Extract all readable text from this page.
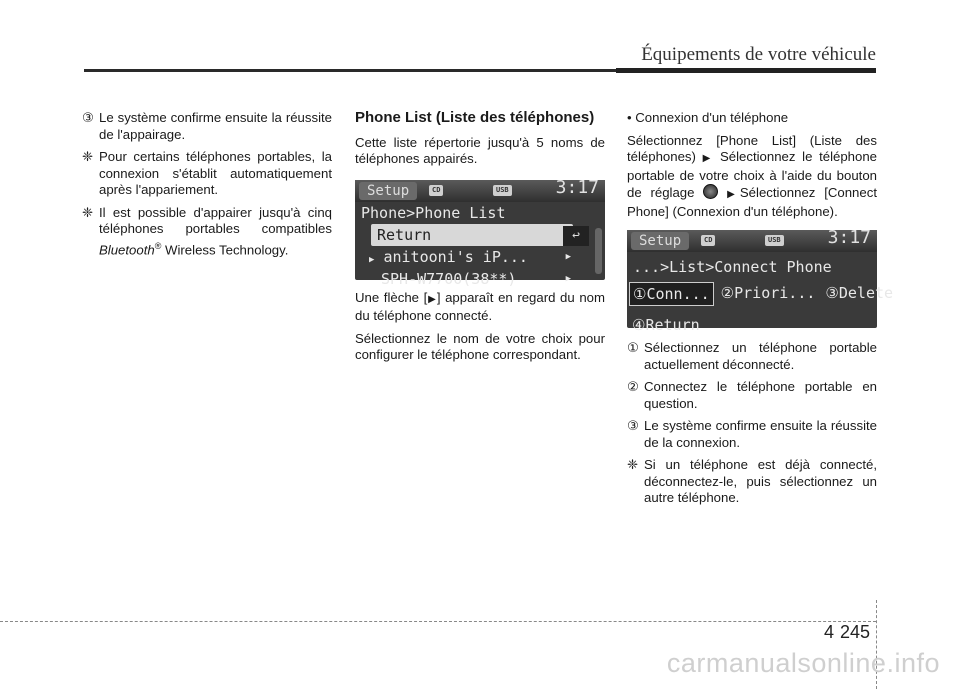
Équipements de votre véhicule
③ Le système confirme ensuite la réussite de l'appairage.
❈ Pour certains téléphones portables, la connexion s'établit automatiquement après l'appariement.
❈ Il est possible d'appairer jusqu'à cinq téléphones portables compatibles Bluetooth® Wireless Technology.
Phone List (Liste des téléphones)

Cette liste répertorie jusqu'à 5 noms de téléphones appairés.

Setup	CD	USB	3:17
Phone>Phone List
Return	↩
▶ anitooni's iP...	▶
SPH-W7700(38**)	▶

Une flèche [▶] apparaît en regard du nom du téléphone connecté.

Sélectionnez le nom de votre choix pour configurer le téléphone correspondant.

• Connexion d'un téléphone

Sélectionnez [Phone List] (Liste des téléphones) ▶ Sélectionnez le téléphone portable de votre choix à l'aide du bouton de réglage	▶Sélectionnez [Connect Phone] (Connexion d'un téléphone).

Setup	CD	USB	3:17
...>List>Connect Phone
①Conn... ②Priori... ③Delete
④Return
① Sélectionnez un téléphone portable actuellement déconnecté.
② Connectez le téléphone portable en question.
③ Le système confirme ensuite la réussite de la connexion.
❈ Si un téléphone est déjà connecté, déconnectez-le, puis sélectionnez un autre téléphone.
4 245
carmanualsonline.info
